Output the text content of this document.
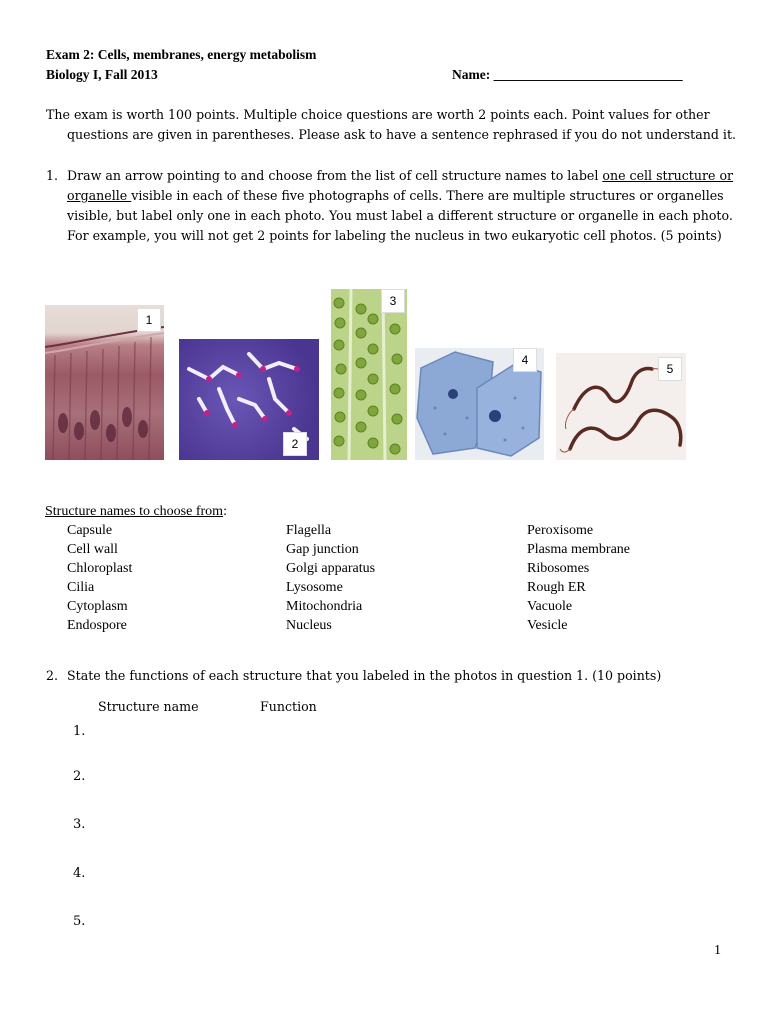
Exam 2: Cells, membranes, energy metabolism
Biology I, Fall 2013	Name: ____________________________
The exam is worth 100 points. Multiple choice questions are worth 2 points each. Point values for other
questions are given in parentheses. Please ask to have a sentence rephrased if you do not understand it.
1. Draw an arrow pointing to and choose from the list of cell structure names to label one cell structure or
organelle visible in each of these five photographs of cells. There are multiple structures or organelles
visible, but label only one in each photo. You must label a different structure or organelle in each photo.
For example, you will not get 2 points for labeling the nucleus in two eukaryotic cell photos. (5 points)
1
2
3
4
5
Structure names to choose from:
Capsule
Cell wall
Chloroplast
Cilia
Cytoplasm
Endospore
Flagella
Gap junction
Golgi apparatus
Lysosome
Mitochondria
Nucleus
Peroxisome
Plasma membrane
Ribosomes
Rough ER
Vacuole
Vesicle
2. State the functions of each structure that you labeled in the photos in question 1. (10 points)
Structure name	Function
1.
2.
3.
4.
5.
1
